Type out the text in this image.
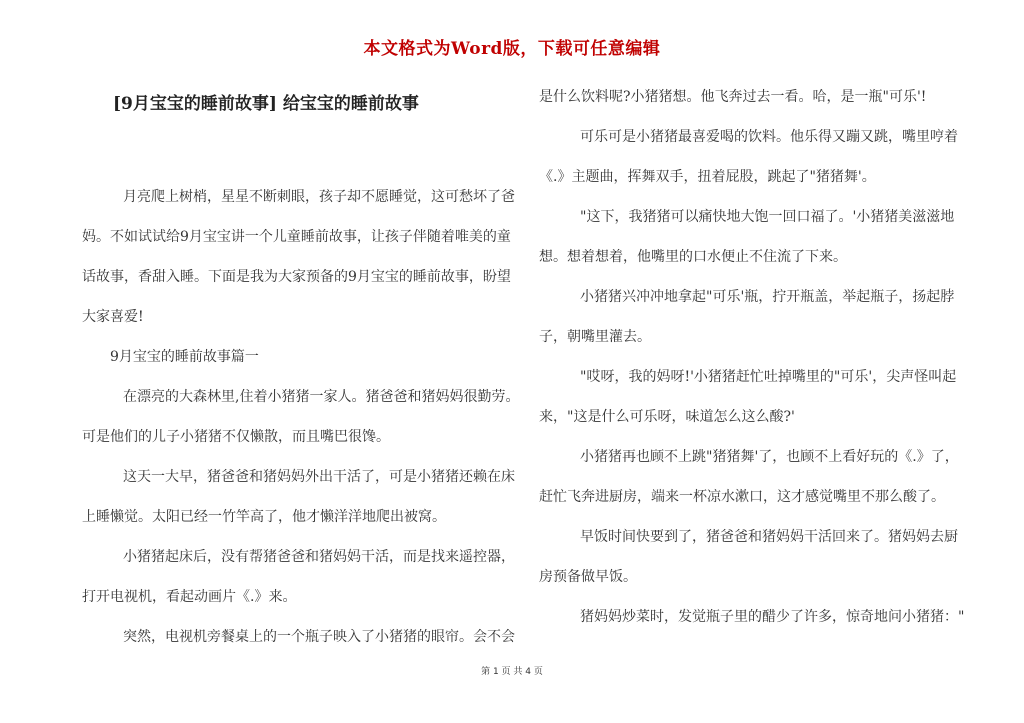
本文格式为Word版，下载可任意编辑
[9月宝宝的睡前故事] 给宝宝的睡前故事
月亮爬上树梢，星星不断刺眼，孩子却不愿睡觉，这可愁坏了爸
妈。不如试试给9月宝宝讲一个儿童睡前故事，让孩子伴随着唯美的童
话故事，香甜入睡。下面是我为大家预备的9月宝宝的睡前故事，盼望
大家喜爱!
9月宝宝的睡前故事篇一
在漂亮的大森林里,住着小猪猪一家人。猪爸爸和猪妈妈很勤劳。
可是他们的儿子小猪猪不仅懒散，而且嘴巴很馋。
这天一大早，猪爸爸和猪妈妈外出干活了，可是小猪猪还赖在床
上睡懒觉。太阳已经一竹竿高了，他才懒洋洋地爬出被窝。
小猪猪起床后，没有帮猪爸爸和猪妈妈干活，而是找来遥控器，
打开电视机，看起动画片《.》来。
突然，电视机旁餐桌上的一个瓶子映入了小猪猪的眼帘。会不会
是什么饮料呢?小猪猪想。他飞奔过去一看。哈，是一瓶"可乐'!
可乐可是小猪猪最喜爱喝的饮料。他乐得又蹦又跳，嘴里哼着
《.》主题曲，挥舞双手，扭着屁股，跳起了"猪猪舞'。
"这下，我猪猪可以痛快地大饱一回口福了。'小猪猪美滋滋地
想。想着想着，他嘴里的口水便止不住流了下来。
小猪猪兴冲冲地拿起"可乐'瓶，拧开瓶盖，举起瓶子，扬起脖
子，朝嘴里灌去。
"哎呀，我的妈呀!'小猪猪赶忙吐掉嘴里的"可乐'，尖声怪叫起
来，"这是什么可乐呀，味道怎么这么酸?'
小猪猪再也顾不上跳"猪猪舞'了，也顾不上看好玩的《.》了，
赶忙飞奔进厨房，端来一杯凉水漱口，这才感觉嘴里不那么酸了。
早饭时间快要到了，猪爸爸和猪妈妈干活回来了。猪妈妈去厨
房预备做早饭。
猪妈妈炒菜时，发觉瓶子里的醋少了许多，惊奇地问小猪猪："
第 1 页 共 4 页
